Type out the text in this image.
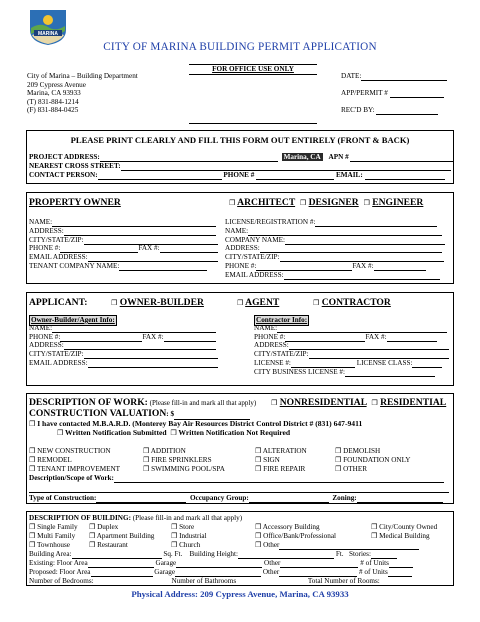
MARINA
CITY OF MARINA BUILDING PERMIT APPLICATION
City of Marina – Building Department
209 Cypress Avenue
Marina, CA 93933
(T) 831-884-1214
(F) 831-884-0425
FOR OFFICE USE ONLY
DATE:
APP/PERMIT #
REC'D BY:
PLEASE PRINT CLEARLY AND FILL THIS FORM OUT ENTIRELY (FRONT & BACK)
PROJECT ADDRESS:	Marina, CA APN #
NEAREST CROSS STREET:
CONTACT PERSON:	PHONE #	EMAIL:
PROPERTY OWNER	❒ ARCHITECT ❒ DESIGNER ❒ ENGINEER
NAME:
ADDRESS:
CITY/STATE/ZIP:
PHONE #:	FAX #:
EMAIL ADDRESS:
TENANT COMPANY NAME:
LICENSE/REGISTRATION #:
NAME:
COMPANY NAME:
ADDRESS:
CITY/STATE/ZIP:
PHONE #:	FAX #:
EMAIL ADDRESS:
APPLICANT:	❒ OWNER-BUILDER	❒ AGENT	❒ CONTRACTOR
Owner-Builder/Agent Info:
NAME:
PHONE #:	FAX #:
ADDRESS:
CITY/STATE/ZIP:
EMAIL ADDRESS:
Contractor Info:
NAME:
PHONE #:	FAX #:
ADDRESS:
CITY/STATE/ZIP:
LICENSE #:	LICENSE CLASS:
CITY BUSINESS LICENSE #:
DESCRIPTION OF WORK: (Please fill-in and mark all that apply) ❒ NONRESIDENTIAL ❒ RESIDENTIAL
CONSTRUCTION VALUATION: $
❒ I have contacted M.B.A.R.D. (Monterey Bay Air Resources District Control District # (831) 647-9411
❒ Written Notification Submitted ❒ Written Notification Not Required
❒ NEW CONSTRUCTION	❒ ADDITION	❒ ALTERATION	❒ DEMOLISH
❒ REMODEL	❒ FIRE SPRINKLERS	❒ SIGN	❒ FOUNDATION ONLY
❒ TENANT IMPROVEMENT	❒ SWIMMING POOL/SPA	❒ FIRE REPAIR	❒ OTHER
Description/Scope of Work:
Type of Construction:	Occupancy Group:	Zoning:
DESCRIPTION OF BUILDING: (Please fill-in and mark all that apply)
❒ Single Family ❒ Duplex	❒ Store	❒ Accessory Building	❒ City/County Owned
❒ Multi Family ❒ Apartment Building ❒ Industrial	❒ Office/Bank/Professional	❒ Medical Building
❒ Townhouse	❒ Restaurant	❒ Church	❒ Other
Building Area:	Sq. Ft. Building Height:	Ft. Stories:
Existing: Floor Area	Garage	Other	# of Units
Proposed: Floor Area	Garage	Other	# of Units
Number of Bedrooms:	Number of Bathrooms	Total Number of Rooms:
Physical Address: 209 Cypress Avenue, Marina, CA 93933
